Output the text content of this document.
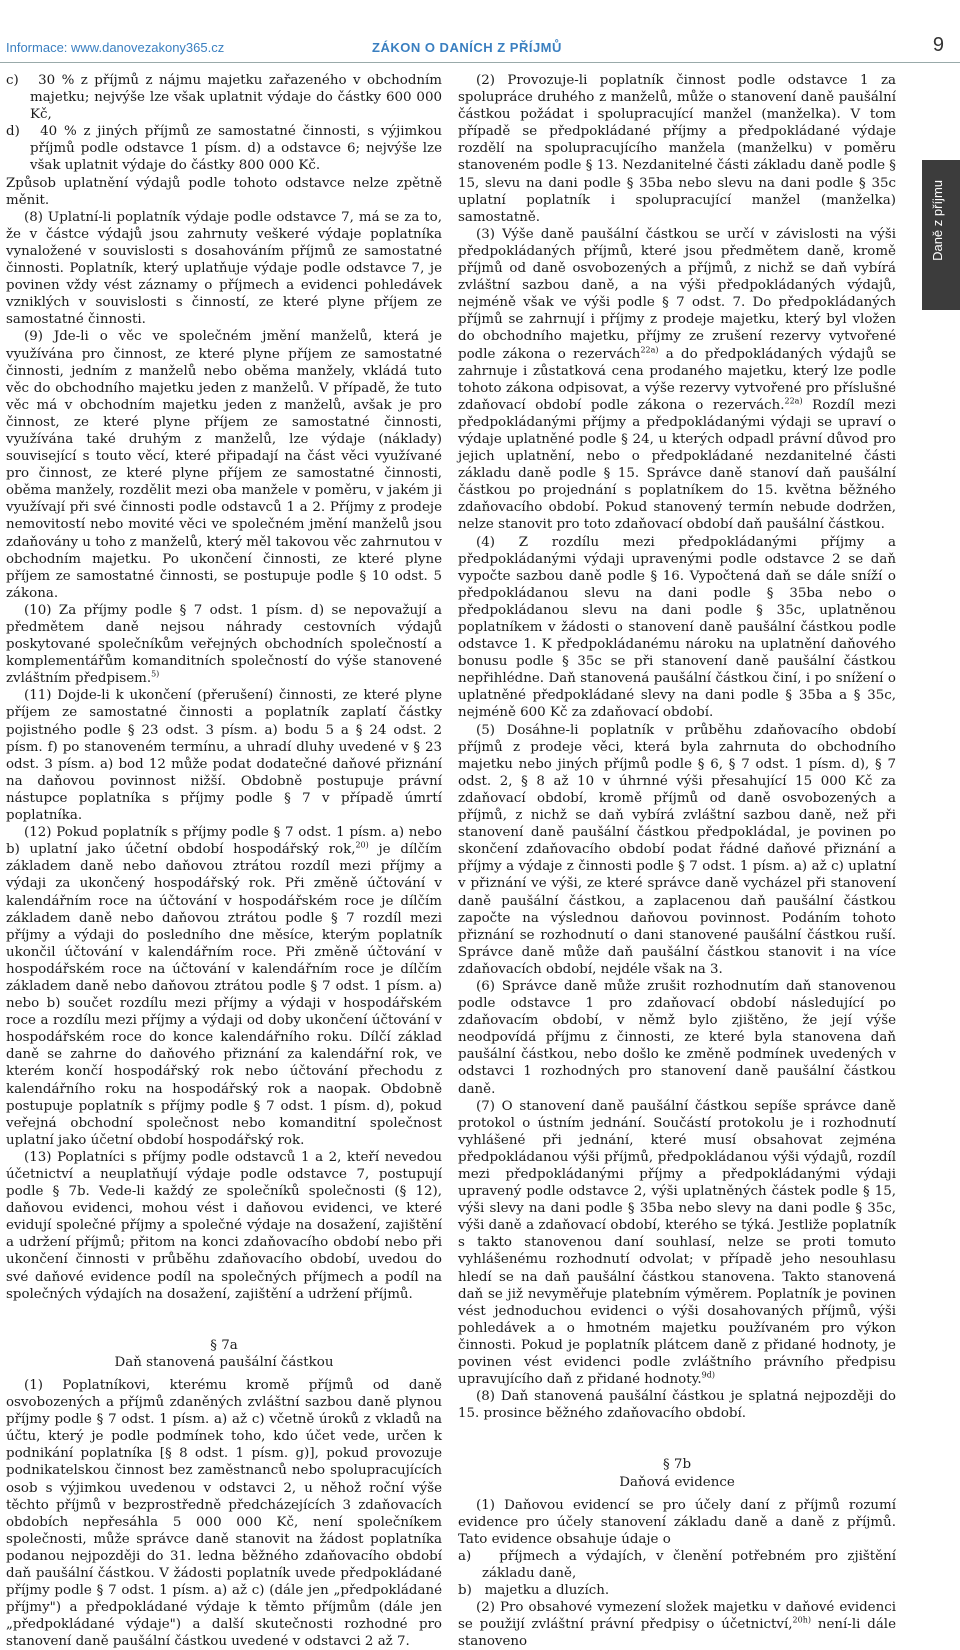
Informace: www.danovezakony365.cz	ZÁKON O DANÍCH Z PŘÍJMŮ	9
Daně z příjmu

c)   30 % z příjmů z nájmu majetku zařazeného v obchodním majetku; nejvýše lze však uplatnit výdaje do částky 600 000 Kč,

d)   40 % z jiných příjmů ze samostatné činnosti, s výjimkou příjmů podle odstavce 1 písm. d) a odstavce 6; nejvýše lze však uplatnit výdaje do částky 800 000 Kč.

Způsob uplatnění výdajů podle tohoto odstavce nelze zpětně měnit.

(8) Uplatní-li poplatník výdaje podle odstavce 7, má se za to, že v částce výdajů jsou zahrnuty veškeré výdaje poplatníka vynaložené v souvislosti s dosahováním příjmů ze samostatné činnosti. Poplatník, který uplatňuje výdaje podle odstavce 7, je povinen vždy vést záznamy o příjmech a evidenci pohledávek vzniklých v souvislosti s činností, ze které plyne příjem ze samostatné činnosti.

(9) Jde-li o věc ve společném jmění manželů, která je využívána pro činnost, ze které plyne příjem ze samostatné činnosti, jedním z manželů nebo oběma manžely, vkládá tuto věc do obchodního majetku jeden z manželů. V případě, že tuto věc má v obchodním majetku jeden z manželů, avšak je pro činnost, ze které plyne příjem ze samostatné činnosti, využívána také druhým z manželů, lze výdaje (náklady) související s touto věcí, které připadají na část věci využívané pro činnost, ze které plyne příjem ze samostatné činnosti, oběma manžely, rozdělit mezi oba manžele v poměru, v jakém ji využívají při své činnosti podle odstavců 1 a 2. Příjmy z prodeje nemovitostí nebo movité věci ve společném jmění manželů jsou zdaňovány u toho z manželů, který měl takovou věc zahrnutou v obchodním majetku. Po ukončení činnosti, ze které plyne příjem ze samostatné činnosti, se postupuje podle § 10 odst. 5 zákona.

(10) Za příjmy podle § 7 odst. 1 písm. d) se nepovažují a předmětem daně nejsou náhrady cestovních výdajů poskytované společníkům veřejných obchodních společností a komplementářům komanditních společností do výše stanovené zvláštním předpisem.$^{5)}$

(11) Dojde-li k ukončení (přerušení) činnosti, ze které plyne příjem ze samostatné činnosti a poplatník zaplatí částky pojistného podle § 23 odst. 3 písm. a) bodu 5 a § 24 odst. 2 písm. f) po stanoveném termínu, a uhradí dluhy uvedené v § 23 odst. 3 písm. a) bod 12 může podat dodatečné daňové přiznání na daňovou povinnost nižší. Obdobně postupuje právní nástupce poplatníka s příjmy podle § 7 v případě úmrtí poplatníka.

(12) Pokud poplatník s příjmy podle § 7 odst. 1 písm. a) nebo b) uplatní jako účetní období hospodářský rok,$^{20)}$ je dílčím základem daně nebo daňovou ztrátou rozdíl mezi příjmy a výdaji za ukončený hospodářský rok. Při změně účtování v kalendářním roce na účtování v hospodářském roce je dílčím základem daně nebo daňovou ztrátou podle § 7 rozdíl mezi příjmy a výdaji do posledního dne měsíce, kterým poplatník ukončil účtování v kalendářním roce. Při změně účtování v hospodářském roce na účtování v kalendářním roce je dílčím základem daně nebo daňovou ztrátou podle § 7 odst. 1 písm. a) nebo b) součet rozdílu mezi příjmy a výdaji v hospodářském roce a rozdílu mezi příjmy a výdaji od doby ukončení účtování v hospodářském roce do konce kalendářního roku. Dílčí základ daně se zahrne do daňového přiznání za kalendářní rok, ve kterém končí hospodářský rok nebo účtování přechodu z kalendářního roku na hospodářský rok a naopak. Obdobně postupuje poplatník s příjmy podle § 7 odst. 1 písm. d), pokud veřejná obchodní společnost nebo komanditní společnost uplatní jako účetní období hospodářský rok.

(13) Poplatníci s příjmy podle odstavců 1 a 2, kteří nevedou účetnictví a neuplatňují výdaje podle odstavce 7, postupují podle § 7b. Vede-li každý ze společníků společnosti (§ 12), daňovou evidenci, mohou vést i daňovou evidenci, ve které evidují společné příjmy a společné výdaje na dosažení, zajištění a udržení příjmů; přitom na konci zdaňovacího období nebo při ukončení činnosti v průběhu zdaňovacího období, uvedou do své daňové evidence podíl na společných příjmech a podíl na společných výdajích na dosažení, zajištění a udržení příjmů.

§ 7a

Daň stanovená paušální částkou

(1) Poplatníkovi, kterému kromě příjmů od daně osvobozených a příjmů zdaněných zvláštní sazbou daně plynou příjmy podle § 7 odst. 1 písm. a) až c) včetně úroků z vkladů na účtu, který je podle podmínek toho, kdo účet vede, určen k podnikání poplatníka [§ 8 odst. 1 písm. g)], pokud provozuje podnikatelskou činnost bez zaměstnanců nebo spolupracujících osob s výjimkou uvedenou v odstavci 2, u něhož roční výše těchto příjmů v bezprostředně předcházejících 3 zdaňovacích obdobích nepřesáhla 5 000 000 Kč, není společníkem společnosti, může správce daně stanovit na žádost poplatníka podanou nejpozději do 31. ledna běžného zdaňovacího období daň paušální částkou. V žádosti poplatník uvede předpokládané příjmy podle § 7 odst. 1 písm. a) až c) (dále jen „předpokládané příjmy") a předpokládané výdaje k těmto příjmům (dále jen „předpokládané výdaje") a další skutečnosti rozhodné pro stanovení daně paušální částkou uvedené v odstavci 2 až 7.

(2) Provozuje-li poplatník činnost podle odstavce 1 za spolupráce druhého z manželů, může o stanovení daně paušální částkou požádat i spolupracující manžel (manželka). V tom případě se předpokládané příjmy a předpokládané výdaje rozdělí na spolupracujícího manžela (manželku) v poměru stanoveném podle § 13. Nezdanitelné části základu daně podle § 15, slevu na dani podle § 35ba nebo slevu na dani podle § 35c uplatní poplatník i spolupracující manžel (manželka) samostatně.

(3) Výše daně paušální částkou se určí v závislosti na výši předpokládaných příjmů, které jsou předmětem daně, kromě příjmů od daně osvobozených a příjmů, z nichž se daň vybírá zvláštní sazbou daně, a na výši předpokládaných výdajů, nejméně však ve výši podle § 7 odst. 7. Do předpokládaných příjmů se zahrnují i příjmy z prodeje majetku, který byl vložen do obchodního majetku, příjmy ze zrušení rezervy vytvořené podle zákona o rezervách$^{22a)}$ a do předpokládaných výdajů se zahrnuje i zůstatková cena prodaného majetku, který lze podle tohoto zákona odpisovat, a výše rezervy vytvořené pro příslušné zdaňovací období podle zákona o rezervách.$^{22a)}$ Rozdíl mezi předpokládanými příjmy a předpokládanými výdaji se upraví o výdaje uplatněné podle § 24, u kterých odpadl právní důvod pro jejich uplatnění, nebo o předpokládané nezdanitelné části základu daně podle § 15. Správce daně stanoví daň paušální částkou po projednání s poplatníkem do 15. května běžného zdaňovacího období. Pokud stanovený termín nebude dodržen, nelze stanovit pro toto zdaňovací období daň paušální částkou.

(4) Z rozdílu mezi předpokládanými příjmy a předpokládanými výdaji upravenými podle odstavce 2 se daň vypočte sazbou daně podle § 16. Vypočtená daň se dále sníží o předpokládanou slevu na dani podle § 35ba nebo o předpokládanou slevu na dani podle § 35c, uplatněnou poplatníkem v žádosti o stanovení daně paušální částkou podle odstavce 1. K předpokládanému nároku na uplatnění daňového bonusu podle § 35c se při stanovení daně paušální částkou nepřihlédne. Daň stanovená paušální částkou činí, i po snížení o uplatněné předpokládané slevy na dani podle § 35ba a § 35c, nejméně 600 Kč za zdaňovací období.

(5) Dosáhne-li poplatník v průběhu zdaňovacího období příjmů z prodeje věci, která byla zahrnuta do obchodního majetku nebo jiných příjmů podle § 6, § 7 odst. 1 písm. d), § 7 odst. 2, § 8 až 10 v úhrnné výši přesahující 15 000 Kč za zdaňovací období, kromě příjmů od daně osvobozených a příjmů, z nichž se daň vybírá zvláštní sazbou daně, než při stanovení daně paušální částkou předpokládal, je povinen po skončení zdaňovacího období podat řádné daňové přiznání a příjmy a výdaje z činnosti podle § 7 odst. 1 písm. a) až c) uplatní v přiznání ve výši, ze které správce daně vycházel při stanovení daně paušální částkou, a zaplacenou daň paušální částkou započte na výslednou daňovou povinnost. Podáním tohoto přiznání se rozhodnutí o dani stanovené paušální částkou ruší. Správce daně může daň paušální částkou stanovit i na více zdaňovacích období, nejdéle však na 3.

(6) Správce daně může zrušit rozhodnutím daň stanovenou podle odstavce 1 pro zdaňovací období následující po zdaňovacím období, v němž bylo zjištěno, že její výše neodpovídá příjmu z činnosti, ze které byla stanovena daň paušální částkou, nebo došlo ke změně podmínek uvedených v odstavci 1 rozhodných pro stanovení daně paušální částkou daně.

(7) O stanovení daně paušální částkou sepíše správce daně protokol o ústním jednání. Součástí protokolu je i rozhodnutí vyhlášené při jednání, které musí obsahovat zejména předpokládanou výši příjmů, předpokládanou výši výdajů, rozdíl mezi předpokládanými příjmy a předpokládanými výdaji upravený podle odstavce 2, výši uplatněných částek podle § 15, výši slevy na dani podle § 35ba nebo slevy na dani podle § 35c, výši daně a zdaňovací období, kterého se týká. Jestliže poplatník s takto stanovenou daní souhlasí, nelze se proti tomuto vyhlášenému rozhodnutí odvolat; v případě jeho nesouhlasu hledí se na daň paušální částkou stanovena. Takto stanovená daň se již nevyměřuje platebním výměrem. Poplatník je povinen vést jednoduchou evidenci o výši dosahovaných příjmů, výši pohledávek a o hmotném majetku používaném pro výkon činnosti. Pokud je poplatník plátcem daně z přidané hodnoty, je povinen vést evidenci podle zvláštního právního předpisu upravujícího daň z přidané hodnoty.$^{9d)}$

(8) Daň stanovená paušální částkou je splatná nejpozději do 15. prosince běžného zdaňovacího období.

§ 7b

Daňová evidence

(1) Daňovou evidencí se pro účely daní z příjmů rozumí evidence pro účely stanovení základu daně a daně z příjmů. Tato evidence obsahuje údaje o

a)   příjmech a výdajích, v členění potřebném pro zjištění základu daně,

b)   majetku a dluzích.

(2) Pro obsahové vymezení složek majetku v daňové evidenci se použijí zvláštní právní předpisy o účetnictví,$^{20h)}$ není-li dále stanoveno
